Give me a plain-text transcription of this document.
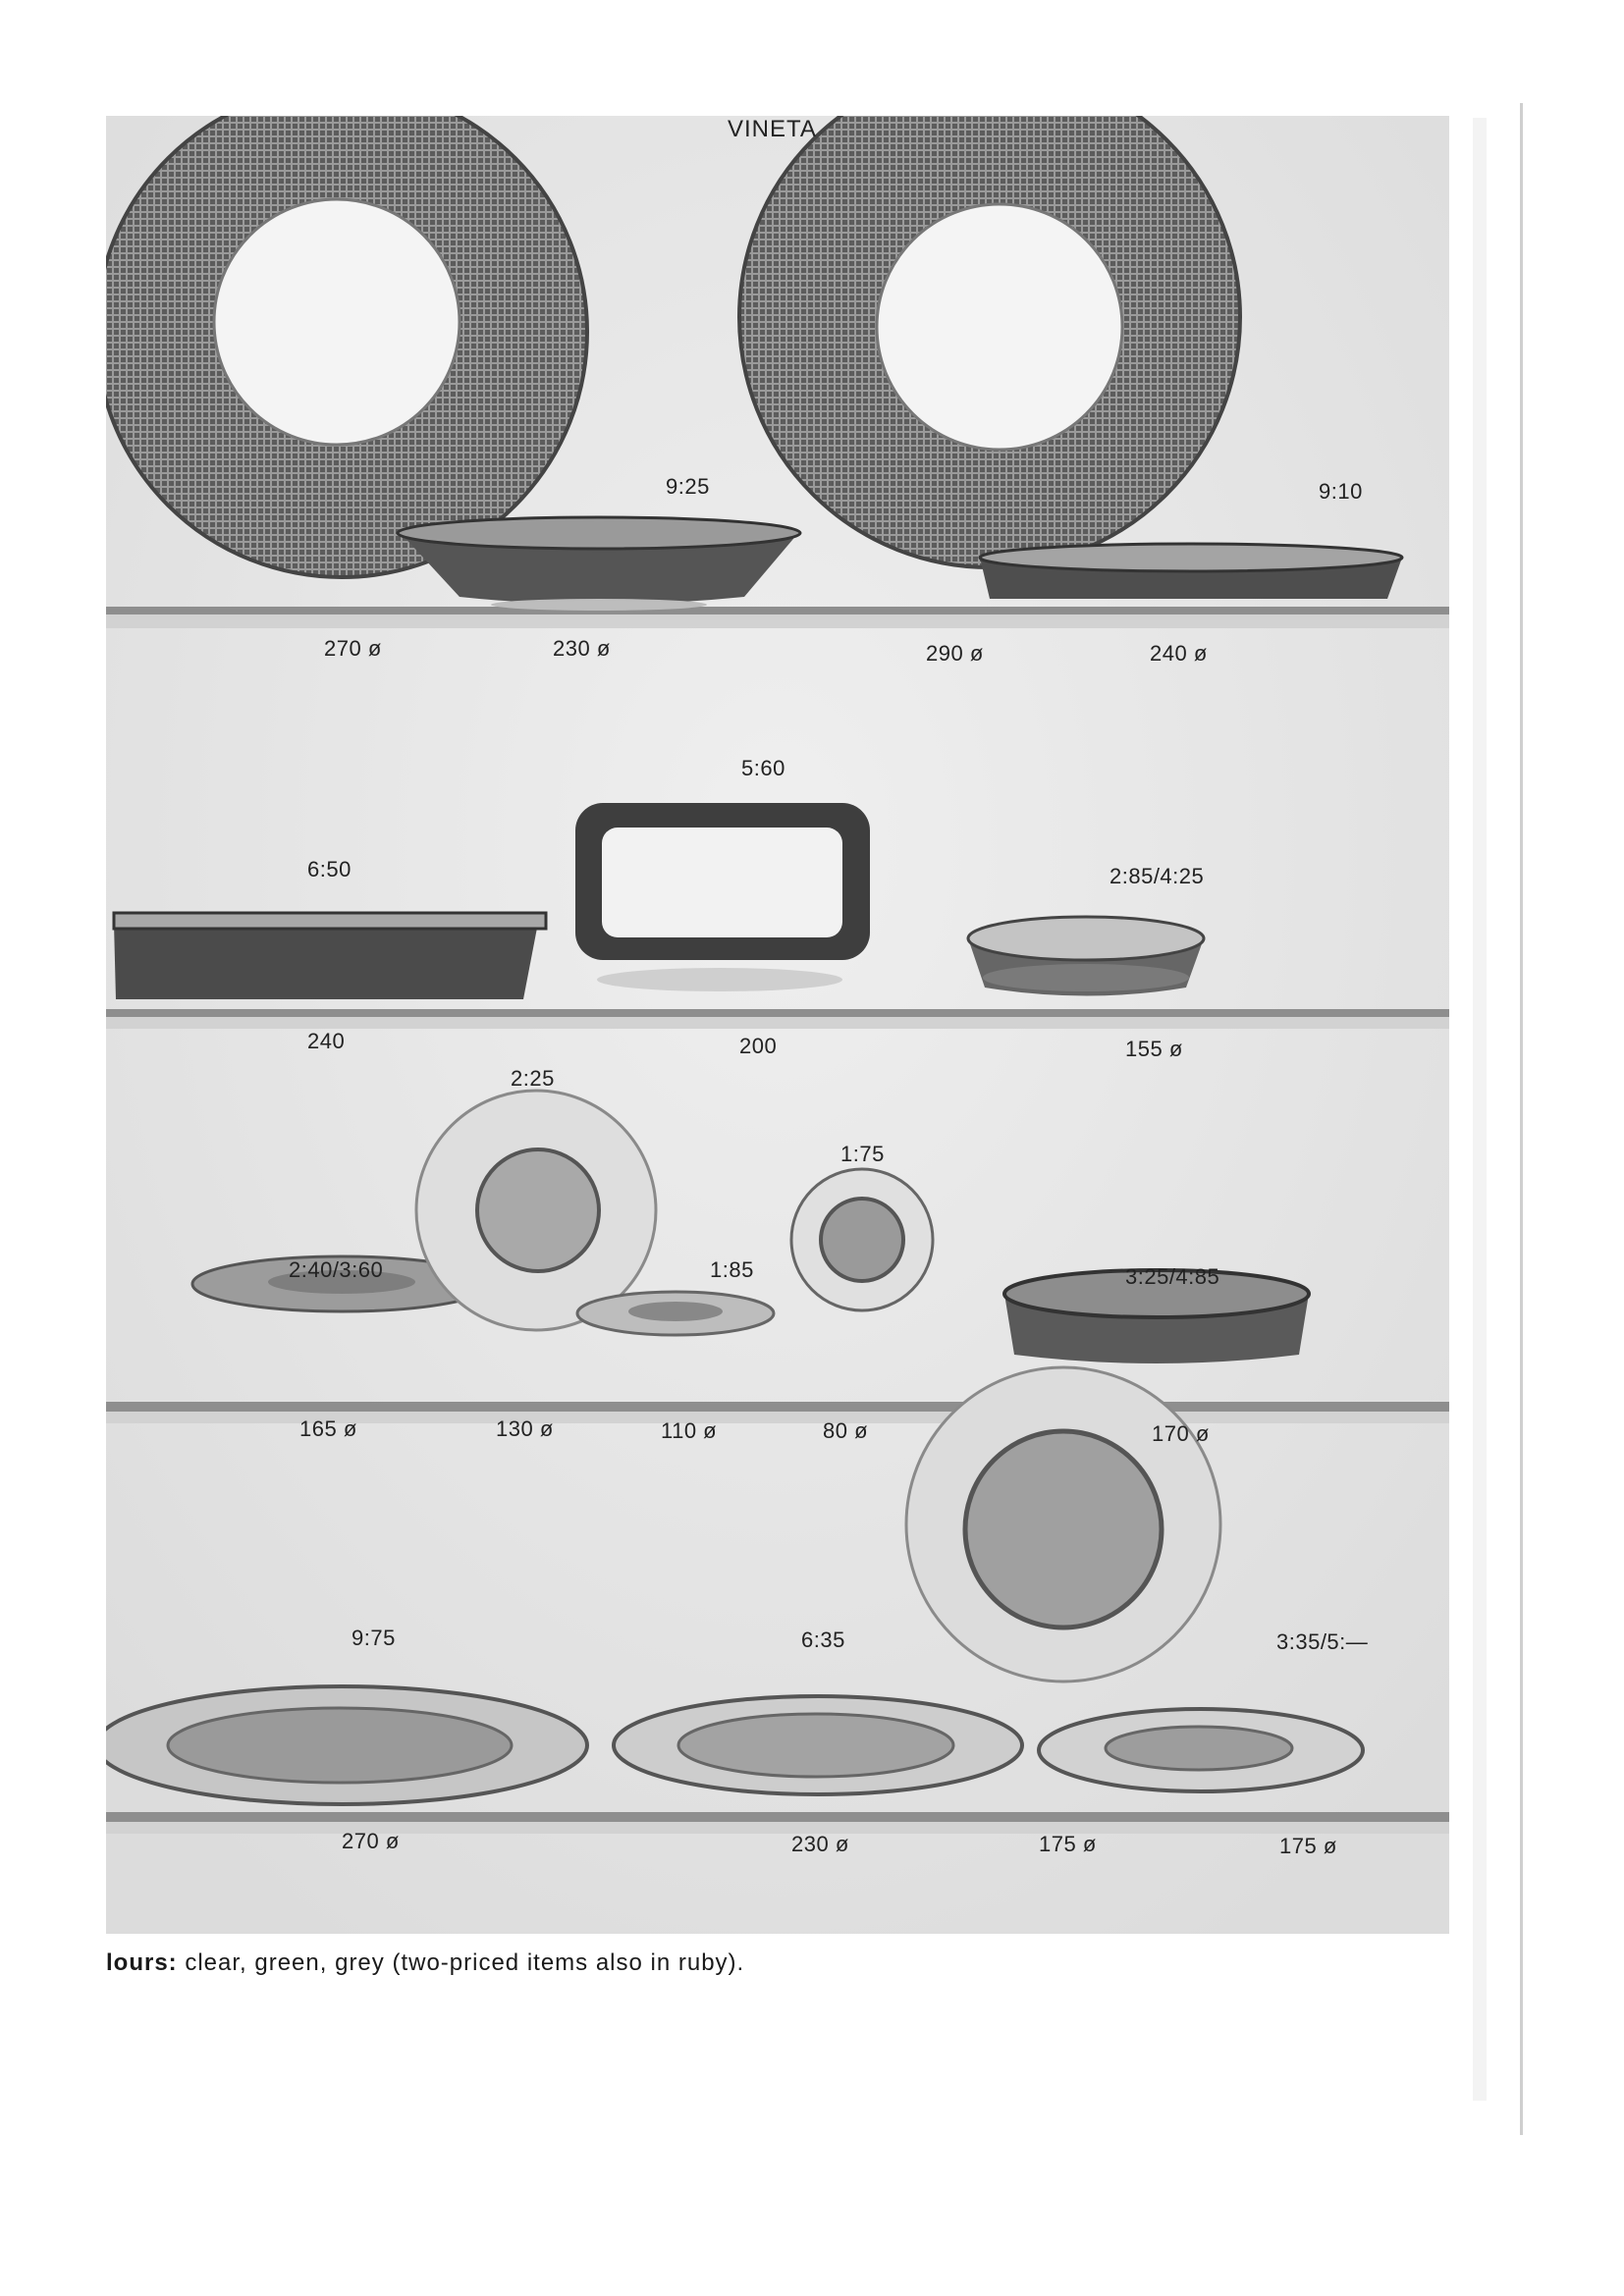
VINETA
9:25	9:10
270 ø	230 ø	290 ø	240 ø
5:60
6:50	2:85/4:25
240	200	155 ø
2:25
1:75
2:40/3:60	1:85	3:25/4:85
165 ø	130 ø	110 ø	80 ø	170 ø
9:75	6:35	3:35/5:—
270 ø	230 ø	175 ø	175 ø
lours: clear, green, grey (two-priced items also in ruby).
